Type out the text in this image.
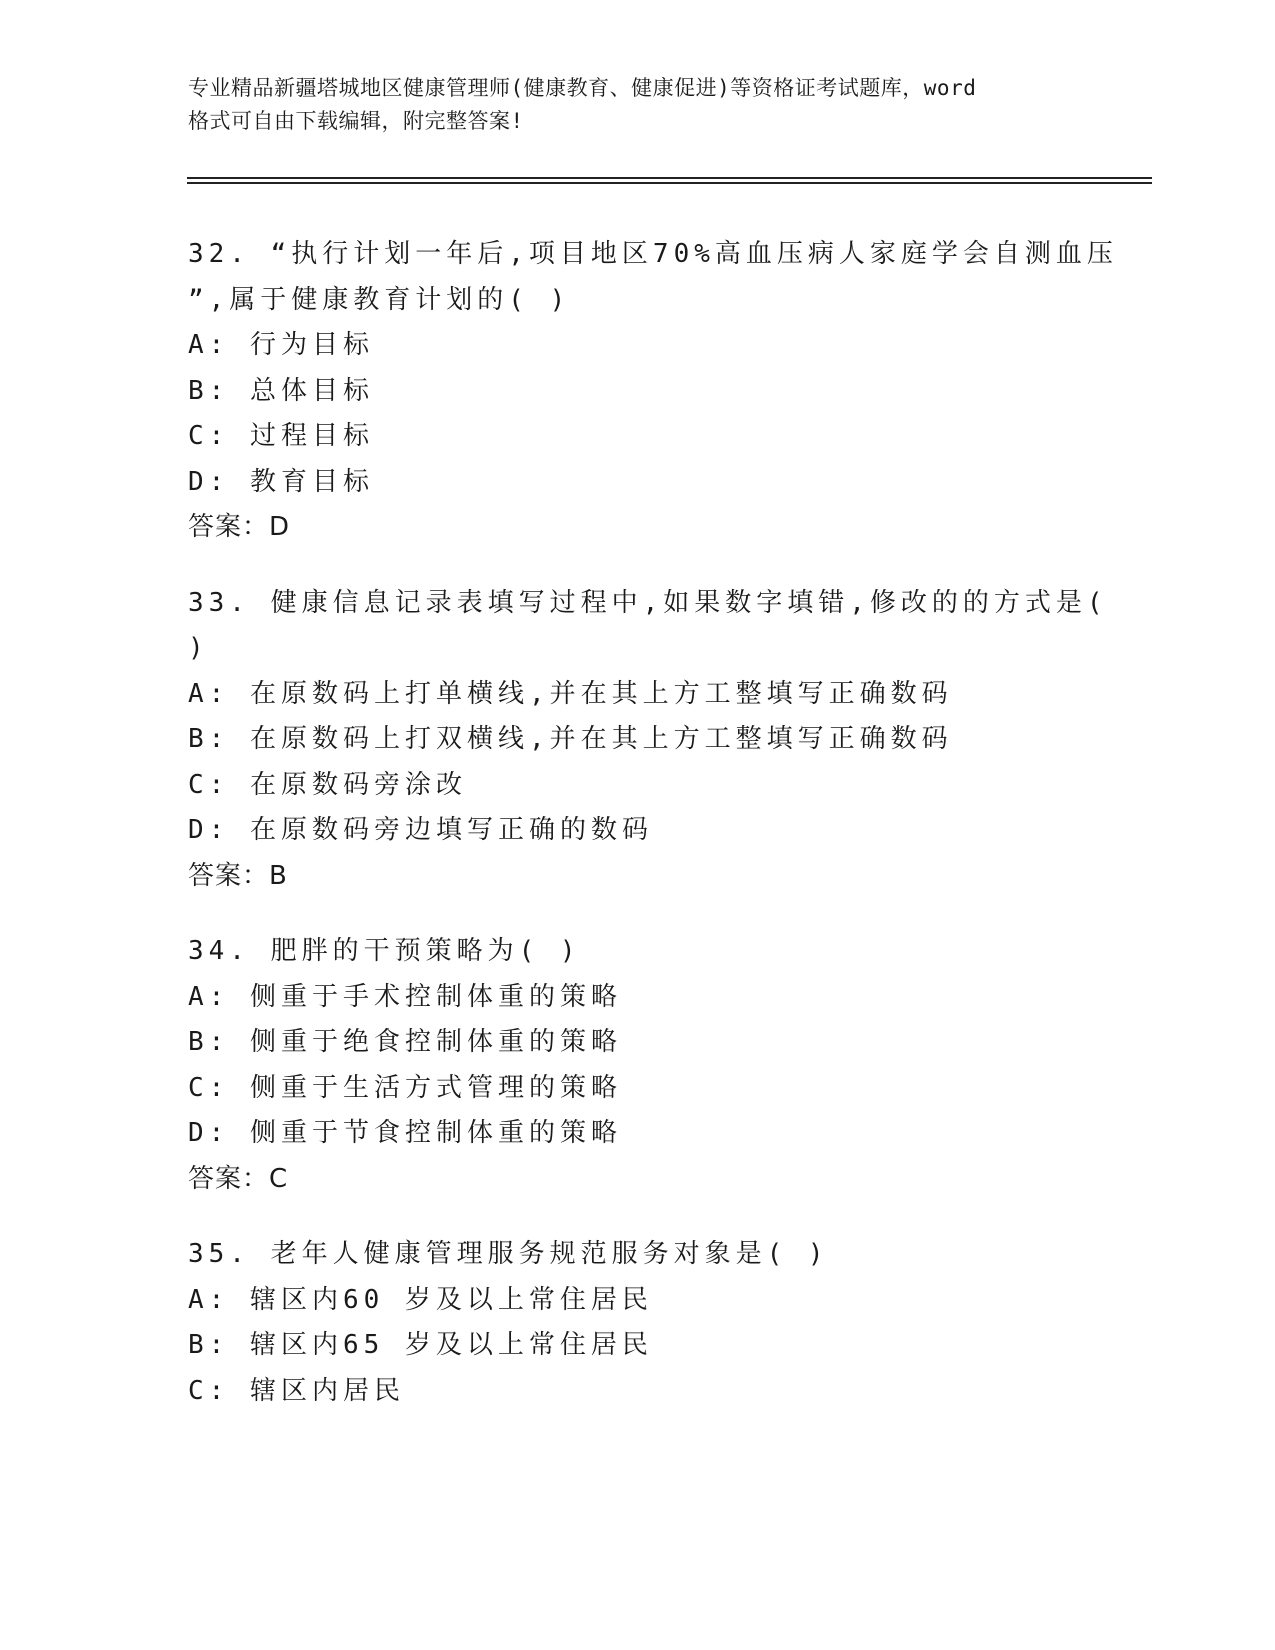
专业精品新疆塔城地区健康管理师(健康教育、健康促进)等资格证考试题库，word
格式可自由下载编辑，附完整答案!
32. “执行计划一年后,项目地区70%高血压病人家庭学会自测血压
”,属于健康教育计划的( )
A: 行为目标
B: 总体目标
C: 过程目标
D: 教育目标
答案：D
33. 健康信息记录表填写过程中,如果数字填错,修改的的方式是(
)
A: 在原数码上打单横线,并在其上方工整填写正确数码
B: 在原数码上打双横线,并在其上方工整填写正确数码
C: 在原数码旁涂改
D: 在原数码旁边填写正确的数码
答案：B
34. 肥胖的干预策略为( )
A: 侧重于手术控制体重的策略
B: 侧重于绝食控制体重的策略
C: 侧重于生活方式管理的策略
D: 侧重于节食控制体重的策略
答案：C
35. 老年人健康管理服务规范服务对象是( )
A: 辖区内60 岁及以上常住居民
B: 辖区内65 岁及以上常住居民
C: 辖区内居民
